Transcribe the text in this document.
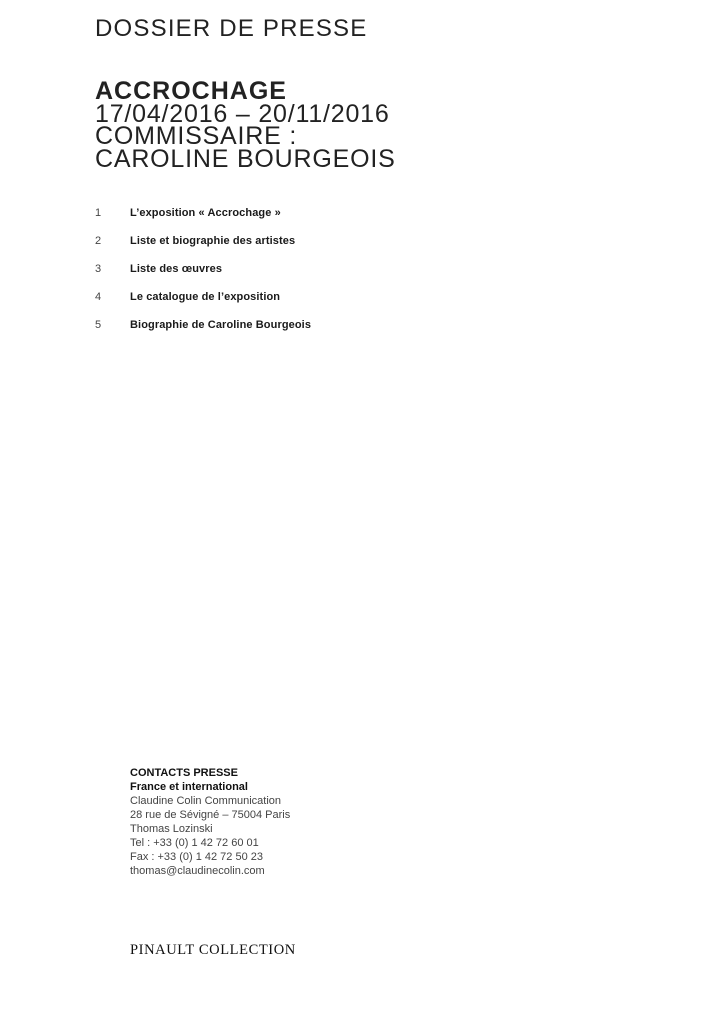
DOSSIER DE PRESSE
ACCROCHAGE
17/04/2016 – 20/11/2016
COMMISSAIRE :
CAROLINE BOURGEOIS
1	L’exposition « Accrochage »
2	Liste et biographie des artistes
3	Liste des œuvres
4	Le catalogue de l’exposition
5	Biographie de Caroline Bourgeois
CONTACTS PRESSE
France et international
Claudine Colin Communication
28 rue de Sévigné – 75004 Paris
Thomas Lozinski
Tel : +33 (0) 1 42 72 60 01
Fax : +33 (0) 1 42 72 50 23
thomas@claudinecolin.com
PINAULT COLLECTION
